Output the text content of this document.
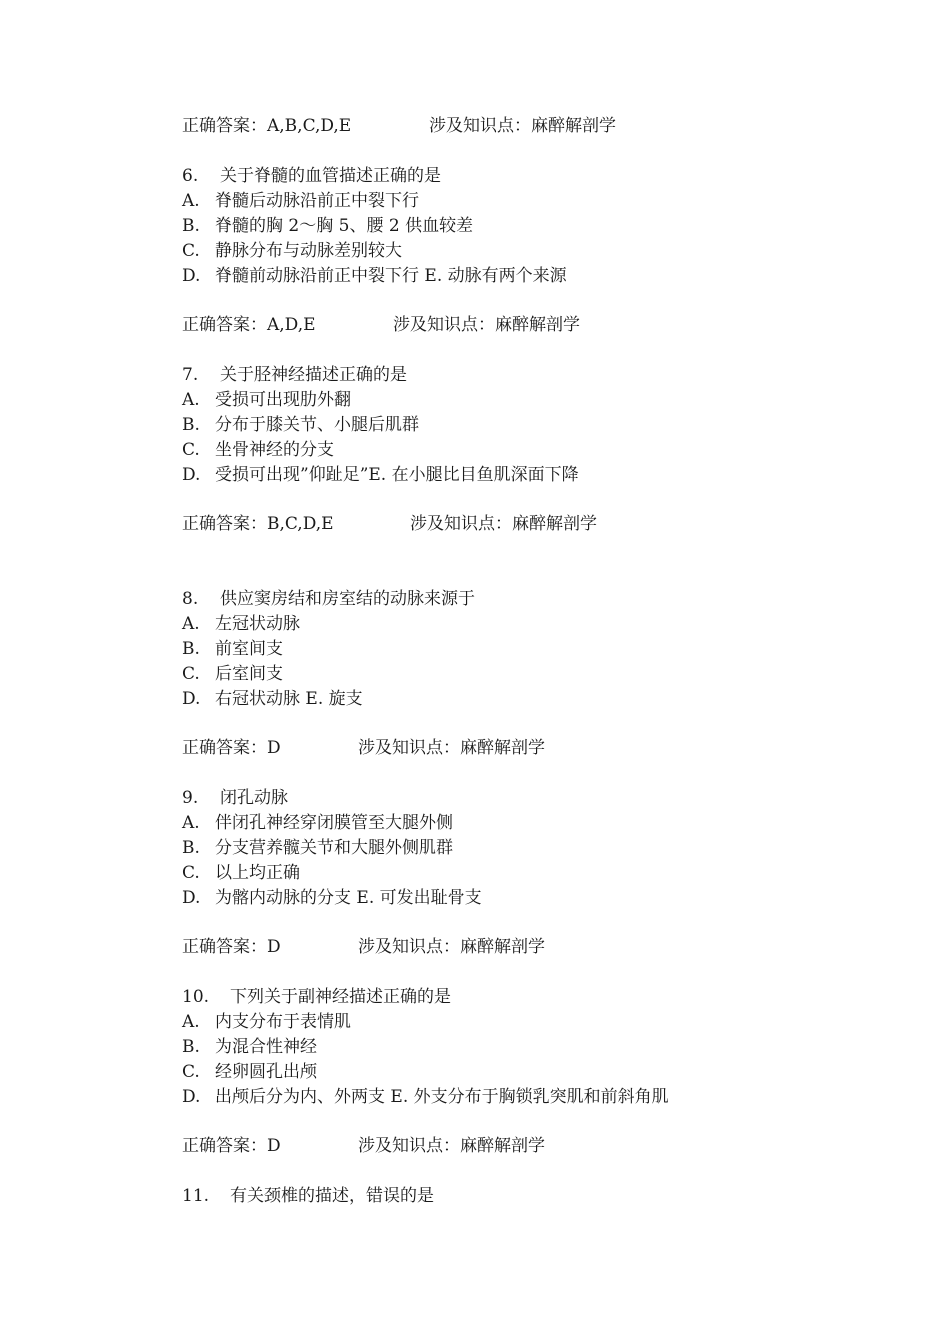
正确答案：A,B,C,D,E	涉及知识点：麻醉解剖学
6. 关于脊髓的血管描述正确的是
A. 脊髓后动脉沿前正中裂下行
B. 脊髓的胸 2～胸 5、腰 2 供血较差
C. 静脉分布与动脉差别较大
D. 脊髓前动脉沿前正中裂下行 E. 动脉有两个来源
正确答案：A,D,E	涉及知识点：麻醉解剖学
7. 关于胫神经描述正确的是
A. 受损可出现肋外翻
B. 分布于膝关节、小腿后肌群
C. 坐骨神经的分支
D. 受损可出现”仰趾足”E. 在小腿比目鱼肌深面下降
正确答案：B,C,D,E	涉及知识点：麻醉解剖学
8. 供应窦房结和房室结的动脉来源于
A. 左冠状动脉
B. 前室间支
C. 后室间支
D. 右冠状动脉 E. 旋支
正确答案：D	涉及知识点：麻醉解剖学
9. 闭孔动脉
A. 伴闭孔神经穿闭膜管至大腿外侧
B. 分支营养髋关节和大腿外侧肌群
C. 以上均正确
D. 为髂内动脉的分支 E. 可发出耻骨支
正确答案：D	涉及知识点：麻醉解剖学
10. 下列关于副神经描述正确的是
A. 内支分布于表情肌
B. 为混合性神经
C. 经卵圆孔出颅
D. 出颅后分为内、外两支 E. 外支分布于胸锁乳突肌和前斜角肌
正确答案：D	涉及知识点：麻醉解剖学
11. 有关颈椎的描述，错误的是
